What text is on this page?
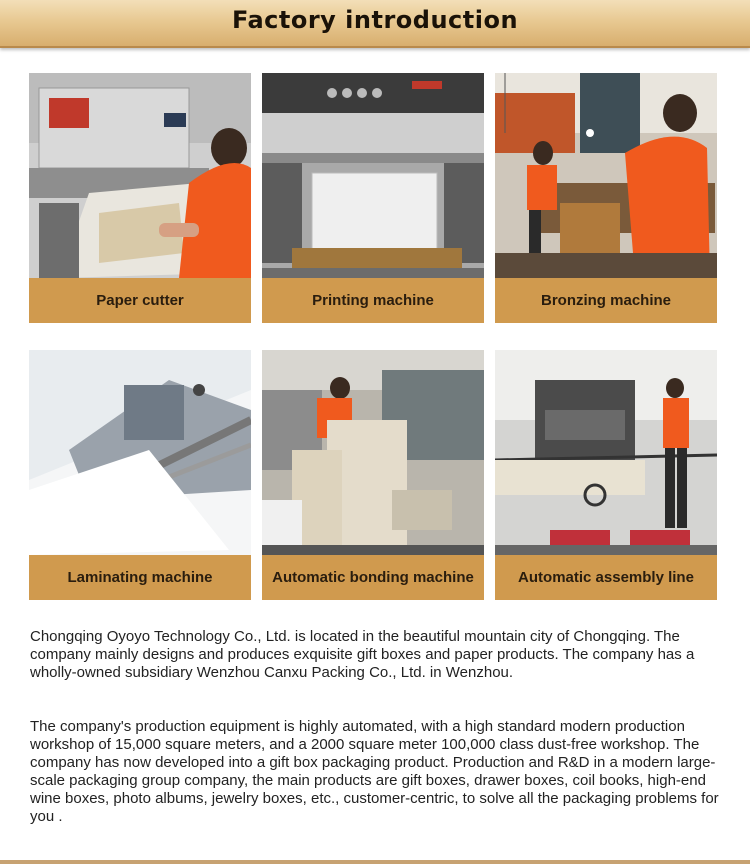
Factory introduction
Paper cutter	Printing machine	Bronzing machine
Laminating machine	Automatic bonding machine	Automatic assembly line
Chongqing Oyoyo Technology Co., Ltd. is located in the beautiful mountain city of Chongqing. The company mainly designs and produces exquisite gift boxes and paper products. The company has a wholly-owned subsidiary Wenzhou Canxu Packing Co., Ltd. in Wenzhou.
The company's production equipment is highly automated, with a high standard modern production workshop of 15,000 square meters, and a 2000 square meter 100,000 class dust-free workshop. The company has now developed into a gift box packaging product. Production and R&D in a modern large-scale packaging group company, the main products are gift boxes, drawer boxes, coil books, high-end wine boxes, photo albums, jewelry boxes, etc., customer-centric, to solve all the packaging problems for you .
